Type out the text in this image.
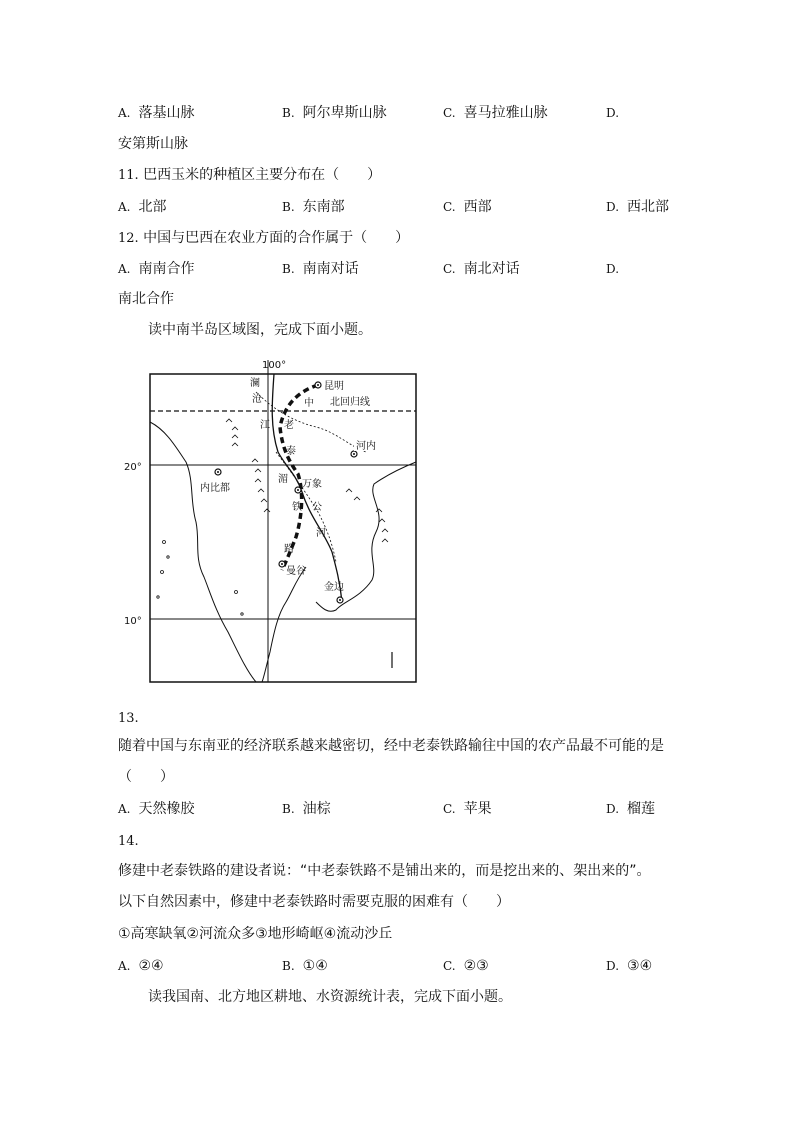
A. 落基山脉	B. 阿尔卑斯山脉	C. 喜马拉雅山脉	D.
安第斯山脉
11. 巴西玉米的种植区主要分布在（　　）
A. 北部	B. 东南部	C. 西部	D. 西北部
12. 中国与巴西在农业方面的合作属于（　　）
A. 南南合作	B. 南南对话	C. 南北对话	D.
南北合作
读中南半岛区域图，完成下面小题。
100°
20°
10°
北回归线
昆明
河内
内比都	万象
曼谷
金边
中
老
泰
铁
路
澜
沧
江
湄
公
河
13.
随着中国与东南亚的经济联系越来越密切，经中老泰铁路输往中国的农产品最不可能的是
（　　）
A. 天然橡胶	B. 油棕	C. 苹果	D. 榴莲
14.
修建中老泰铁路的建设者说：“中老泰铁路不是铺出来的，而是挖出来的、架出来的”。
以下自然因素中，修建中老泰铁路时需要克服的困难有（　　）
①高寒缺氧②河流众多③地形崎岖④流动沙丘
A. ②④	B. ①④	C. ②③	D. ③④
读我国南、北方地区耕地、水资源统计表，完成下面小题。
